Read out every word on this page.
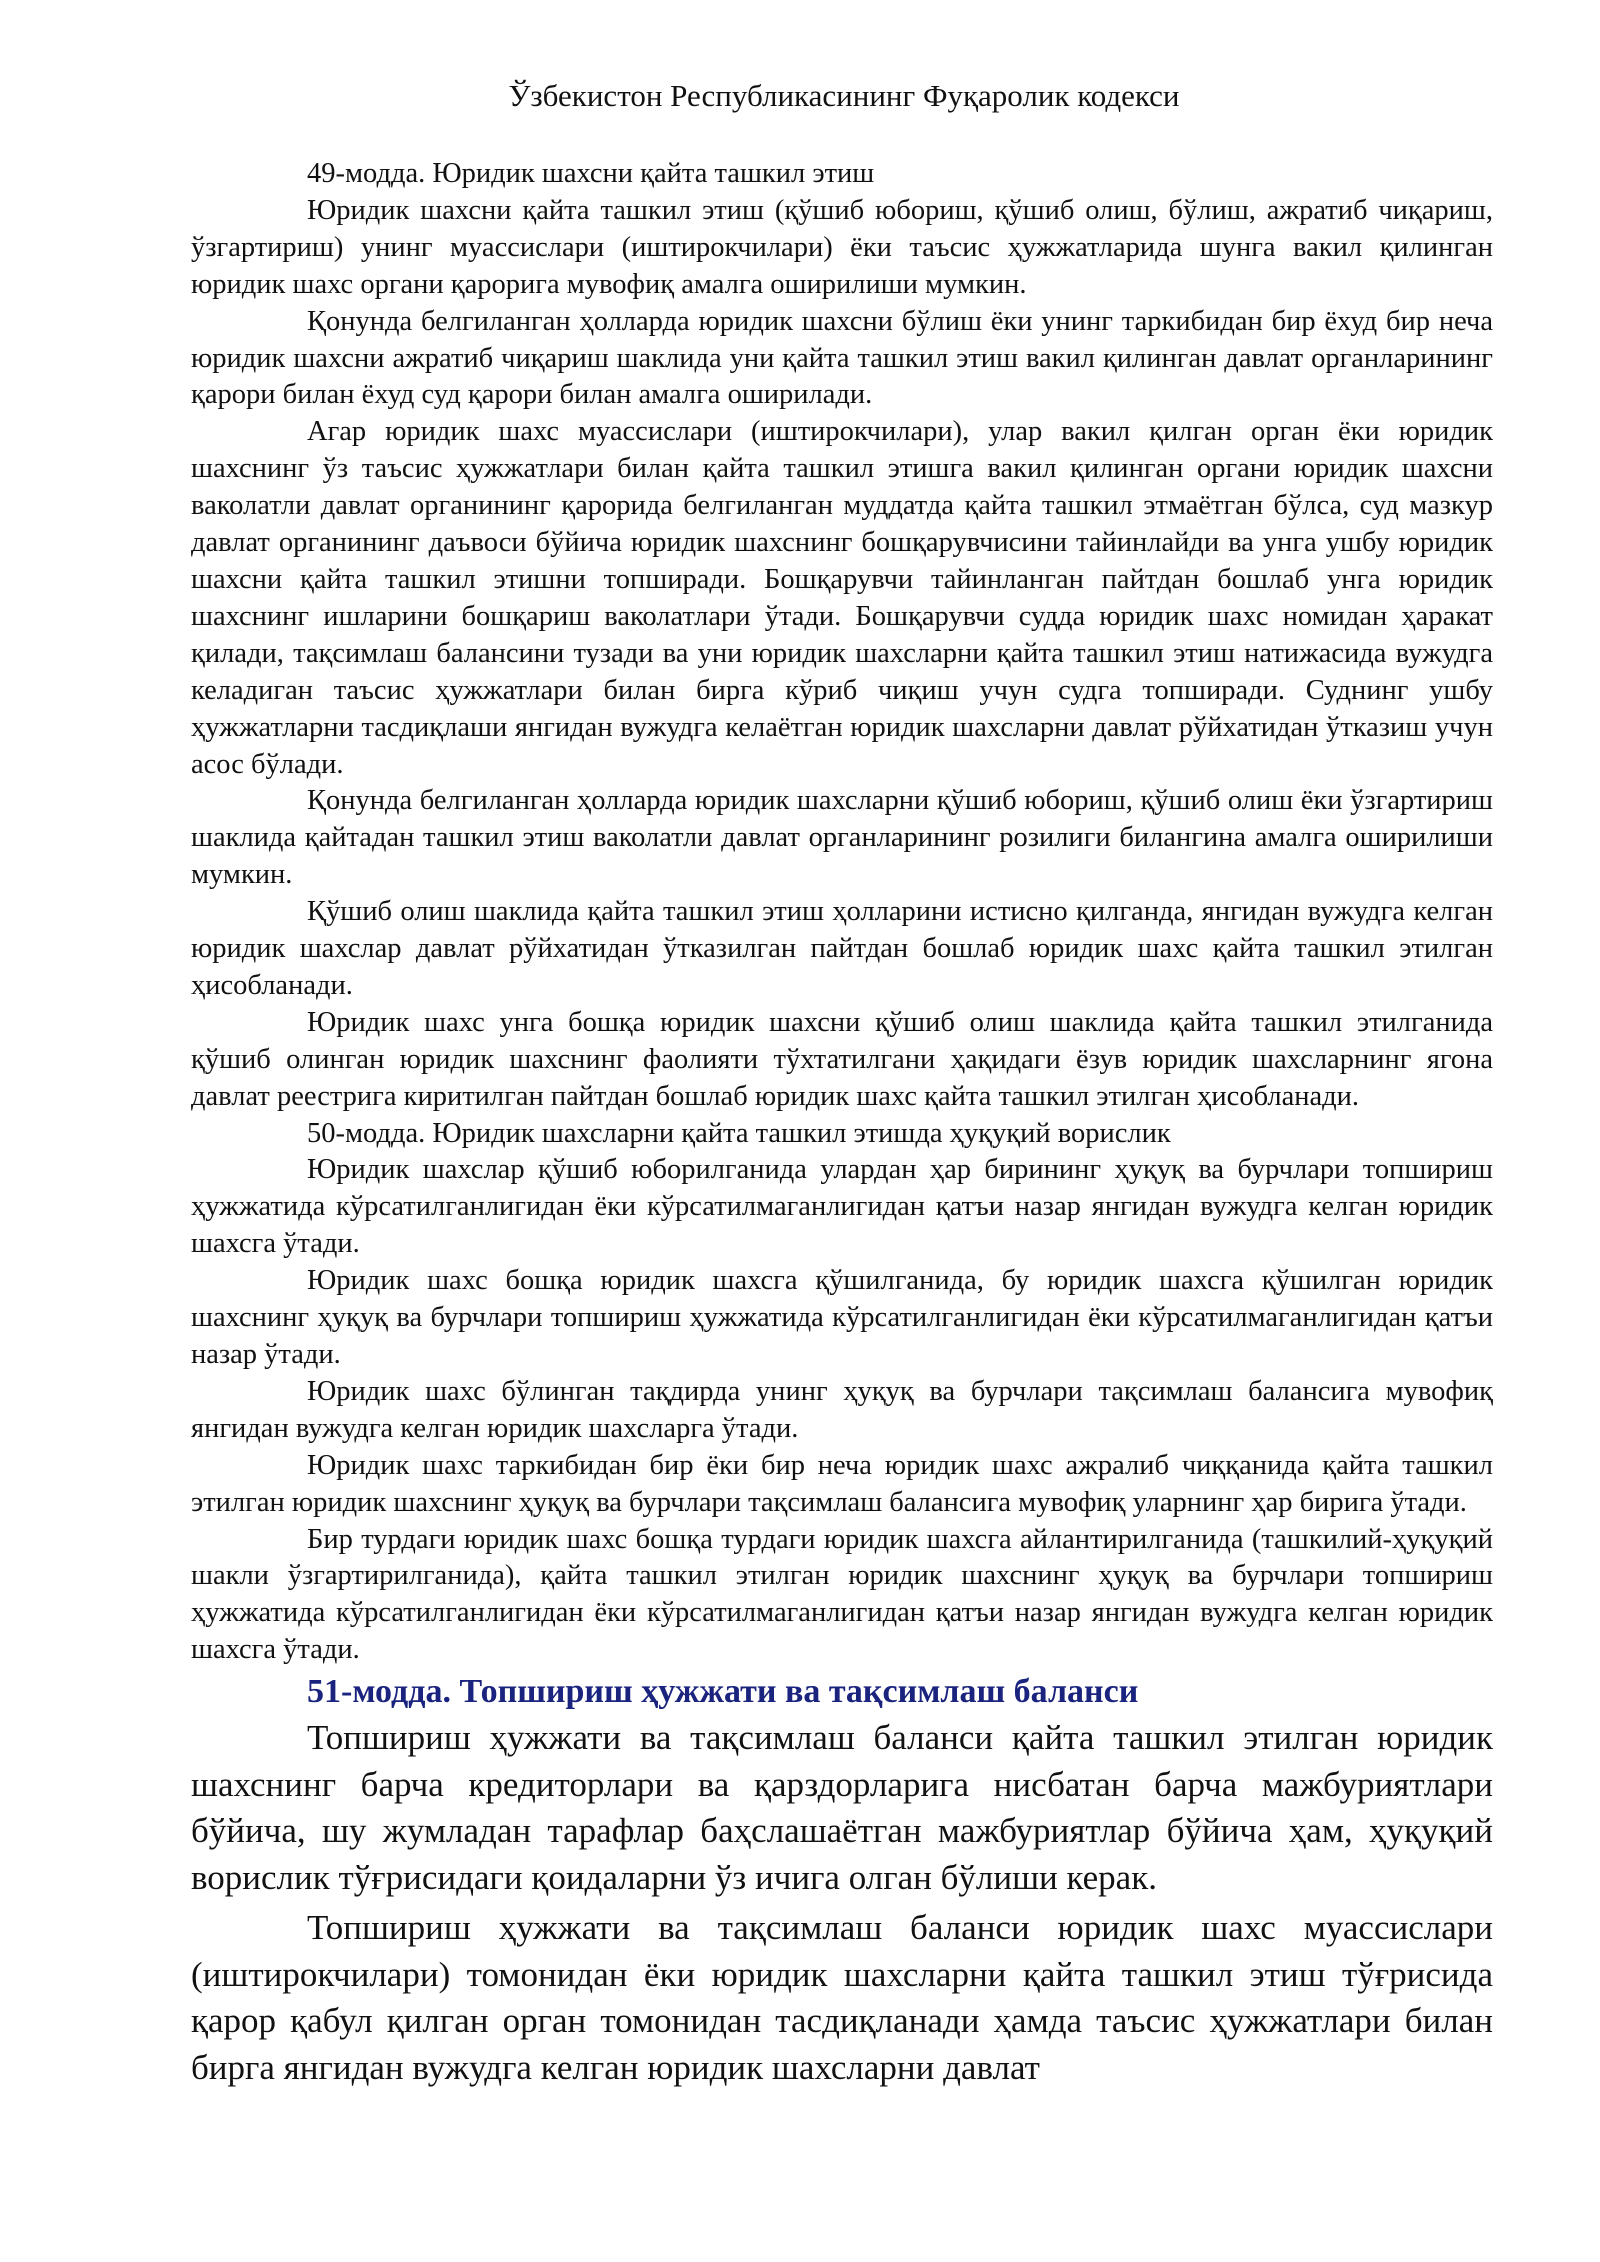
Ўзбекистон Республикасининг Фуқаролик кодекси
49-модда. Юридик шахсни қайта ташкил этиш

Юридик шахсни қайта ташкил этиш (қўшиб юбориш, қўшиб олиш, бўлиш, ажратиб чиқариш, ўзгартириш) унинг муассислари (иштирокчилари) ёки таъсис ҳужжатларида шунга вакил қилинган юридик шахс органи қарорига мувофиқ амалга оширилиши мумкин.

Қонунда белгиланган ҳолларда юридик шахсни бўлиш ёки унинг таркибидан бир ёхуд бир неча юридик шахсни ажратиб чиқариш шаклида уни қайта ташкил этиш вакил қилинган давлат органларининг қарори билан ёхуд суд қарори билан амалга оширилади.

Агар юридик шахс муассислари (иштирокчилари), улар вакил қилган орган ёки юридик шахснинг ўз таъсис ҳужжатлари билан қайта ташкил этишга вакил қилинган органи юридик шахсни ваколатли давлат органининг қарорида белгиланган муддатда қайта ташкил этмаётган бўлса, суд мазкур давлат органининг даъвоси бўйича юридик шахснинг бошқарувчисини тайинлайди ва унга ушбу юридик шахсни қайта ташкил этишни топширади. Бошқарувчи тайинланган пайтдан бошлаб унга юридик шахснинг ишларини бошқариш ваколатлари ўтади. Бошқарувчи судда юридик шахс номидан ҳаракат қилади, тақсимлаш балансини тузади ва уни юридик шахсларни қайта ташкил этиш натижасида вужудга келадиган таъсис ҳужжатлари билан бирга кўриб чиқиш учун судга топширади. Суднинг ушбу ҳужжатларни тасдиқлаши янгидан вужудга келаётган юридик шахсларни давлат рўйхатидан ўтказиш учун асос бўлади.

Қонунда белгиланган ҳолларда юридик шахсларни қўшиб юбориш, қўшиб олиш ёки ўзгартириш шаклида қайтадан ташкил этиш ваколатли давлат органларининг розилиги билангина амалга оширилиши мумкин.

Қўшиб олиш шаклида қайта ташкил этиш ҳолларини истисно қилганда, янгидан вужудга келган юридик шахслар давлат рўйхатидан ўтказилган пайтдан бошлаб юридик шахс қайта ташкил этилган ҳисобланади.

Юридик шахс унга бошқа юридик шахсни қўшиб олиш шаклида қайта ташкил этилганида қўшиб олинган юридик шахснинг фаолияти тўхтатилгани ҳақидаги ёзув юридик шахсларнинг ягона давлат реестрига киритилган пайтдан бошлаб юридик шахс қайта ташкил этилган ҳисобланади.

50-модда. Юридик шахсларни қайта ташкил этишда ҳуқуқий ворислик

Юридик шахслар қўшиб юборилганида улардан ҳар бирининг ҳуқуқ ва бурчлари топшириш ҳужжатида кўрсатилганлигидан ёки кўрсатилмаганлигидан қатъи назар янгидан вужудга келган юридик шахсга ўтади.

Юридик шахс бошқа юридик шахсга қўшилганида, бу юридик шахсга қўшилган юридик шахснинг ҳуқуқ ва бурчлари топшириш ҳужжатида кўрсатилганлигидан ёки кўрсатилмаганлигидан қатъи назар ўтади.

Юридик шахс бўлинган тақдирда унинг ҳуқуқ ва бурчлари тақсимлаш балансига мувофиқ янгидан вужудга келган юридик шахсларга ўтади.

Юридик шахс таркибидан бир ёки бир неча юридик шахс ажралиб чиққанида қайта ташкил этилган юридик шахснинг ҳуқуқ ва бурчлари тақсимлаш балансига мувофиқ уларнинг ҳар бирига ўтади.

Бир турдаги юридик шахс бошқа турдаги юридик шахсга айлантирилганида (ташкилий-ҳуқуқий шакли ўзгартирилганида), қайта ташкил этилган юридик шахснинг ҳуқуқ ва бурчлари топшириш ҳужжатида кўрсатилганлигидан ёки кўрсатилмаганлигидан қатъи назар янгидан вужудга келган юридик шахсга ўтади.

51-модда. Топшириш ҳужжати ва тақсимлаш баланси

Топшириш ҳужжати ва тақсимлаш баланси қайта ташкил этилган юридик шахснинг барча кредиторлари ва қарздорларига нисбатан барча мажбуриятлари бўйича, шу жумладан тарафлар баҳслашаётган мажбуриятлар бўйича ҳам, ҳуқуқий ворислик тўғрисидаги қоидаларни ўз ичига олган бўлиши керак.

Топшириш ҳужжати ва тақсимлаш баланси юридик шахс муассислари (иштирокчилари) томонидан ёки юридик шахсларни қайта ташкил этиш тўғрисида қарор қабул қилган орган томонидан тасдиқланади ҳамда таъсис ҳужжатлари билан бирга янгидан вужудга келган юридик шахсларни давлат
